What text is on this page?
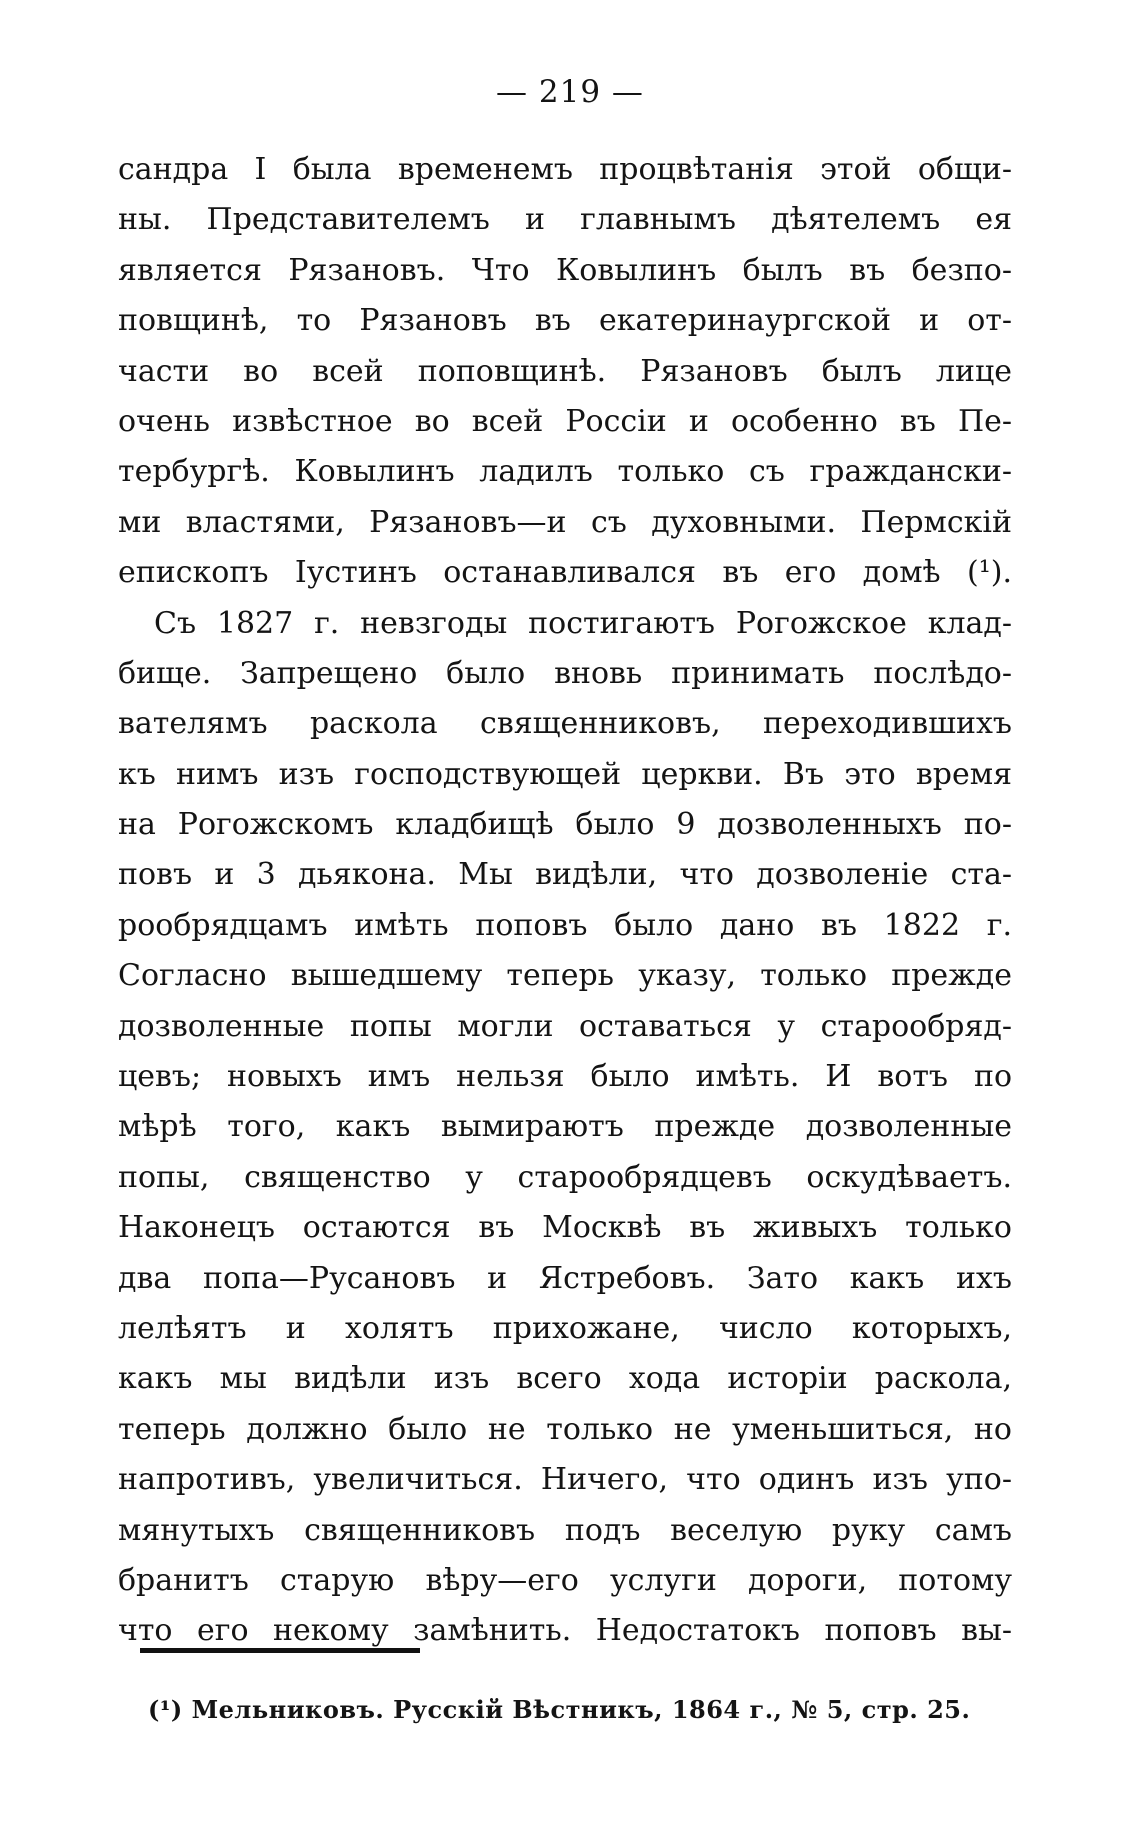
— 219 —
сандра I была временемъ процвѣтанія этой общи-
ны. Представителемъ и главнымъ дѣятелемъ ея
является Рязановъ. Что Ковылинъ былъ въ безпо-
повщинѣ, то Рязановъ въ екатеринаургской и от-
части во всей поповщинѣ. Рязановъ былъ лице
очень извѣстное во всей Россіи и особенно въ Пе-
тербургѣ. Ковылинъ ладилъ только съ граждански-
ми властями, Рязановъ—и съ духовными. Пермскій
епископъ Іустинъ останавливался въ его домѣ (¹).
Съ 1827 г. невзгоды постигаютъ Рогожское клад-
бище. Запрещено было вновь принимать послѣдо-
вателямъ раскола священниковъ, переходившихъ
къ нимъ изъ господствующей церкви. Въ это время
на Рогожскомъ кладбищѣ было 9 дозволенныхъ по-
повъ и 3 дьякона. Мы видѣли, что дозволеніе ста-
рообрядцамъ имѣть поповъ было дано въ 1822 г.
Согласно вышедшему теперь указу, только прежде
дозволенные попы могли оставаться у старообряд-
цевъ; новыхъ имъ нельзя было имѣть. И вотъ по
мѣрѣ того, какъ вымираютъ прежде дозволенные
попы, священство у старообрядцевъ оскудѣваетъ.
Наконецъ остаются въ Москвѣ въ живыхъ только
два попа—Русановъ и Ястребовъ. Зато какъ ихъ
лелѣятъ и холятъ прихожане, число которыхъ,
какъ мы видѣли изъ всего хода исторіи раскола,
теперь должно было не только не уменьшиться, но
напротивъ, увеличиться. Ничего, что одинъ изъ упо-
мянутыхъ священниковъ подъ веселую руку самъ
бранитъ старую вѣру—его услуги дороги, потому
что его некому замѣнить. Недостатокъ поповъ вы-
(¹) Мельниковъ. Русскій Вѣстникъ, 1864 г., № 5, стр. 25.
